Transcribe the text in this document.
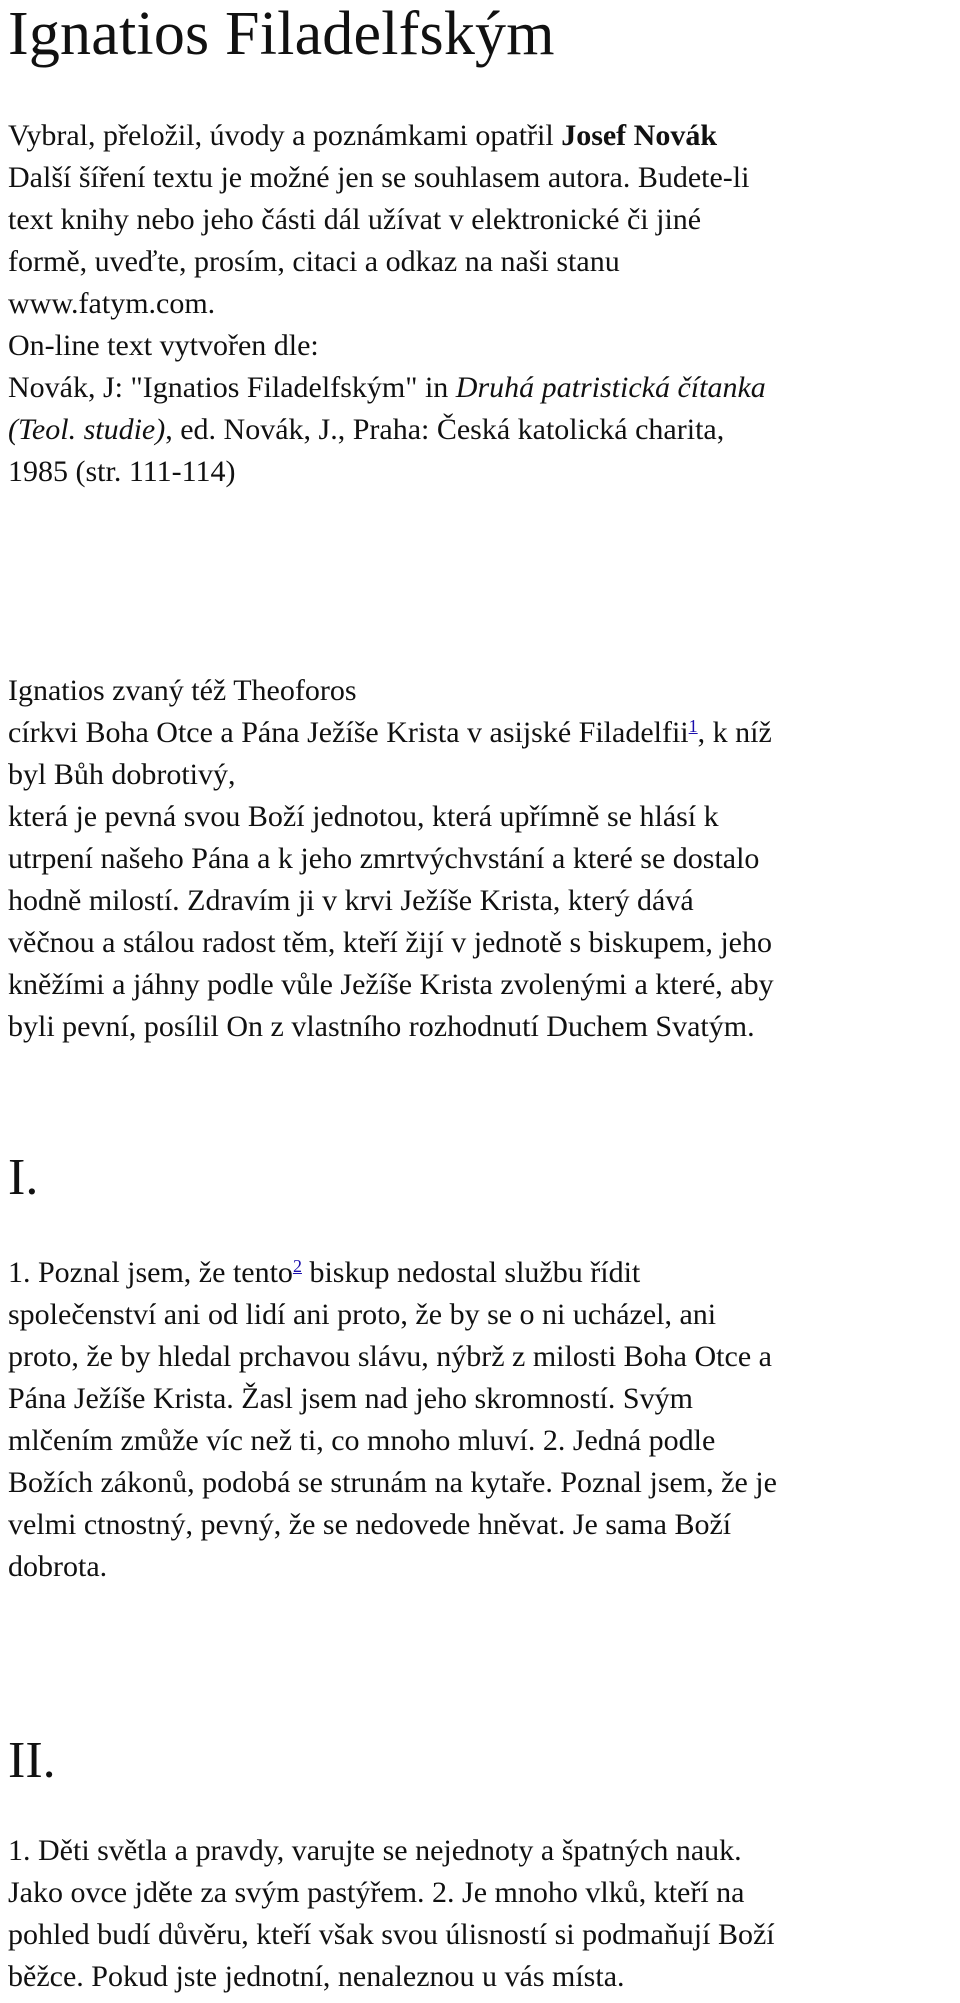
Ignatios Filadelfským
Vybral, přeložil, úvody a poznámkami opatřil Josef Novák
Další šíření textu je možné jen se souhlasem autora. Budete-li
text knihy nebo jeho části dál užívat v elektronické či jiné
formě, uveďte, prosím, citaci a odkaz na naši stanu
www.fatym.com.
On-line text vytvořen dle:
Novák, J: "Ignatios Filadelfským" in Druhá patristická čítanka
(Teol. studie), ed. Novák, J., Praha: Česká katolická charita,
1985 (str. 111-114)
Ignatios zvaný též Theoforos
církvi Boha Otce a Pána Ježíše Krista v asijské Filadelfii$^1$, k níž
byl Bůh dobrotivý,
která je pevná svou Boží jednotou, která upřímně se hlásí k
utrpení našeho Pána a k jeho zmrtvýchvstání a které se dostalo
hodně milostí. Zdravím ji v krvi Ježíše Krista, který dává
věčnou a stálou radost těm, kteří žijí v jednotě s biskupem, jeho
kněžími a jáhny podle vůle Ježíše Krista zvolenými a které, aby
byli pevní, posílil On z vlastního rozhodnutí Duchem Svatým.
I.
1. Poznal jsem, že tento$^2$ biskup nedostal službu řídit
společenství ani od lidí ani proto, že by se o ni ucházel, ani
proto, že by hledal prchavou slávu, nýbrž z milosti Boha Otce a
Pána Ježíše Krista. Žasl jsem nad jeho skromností. Svým
mlčením zmůže víc než ti, co mnoho mluví. 2. Jedná podle
Božích zákonů, podobá se strunám na kytaře. Poznal jsem, že je
velmi ctnostný, pevný, že se nedovede hněvat. Je sama Boží
dobrota.
II.
1. Děti světla a pravdy, varujte se nejednoty a špatných nauk.
Jako ovce jděte za svým pastýřem. 2. Je mnoho vlků, kteří na
pohled budí důvěru, kteří však svou úlisností si podmaňují Boží
běžce. Pokud jste jednotní, nenaleznou u vás místa.
